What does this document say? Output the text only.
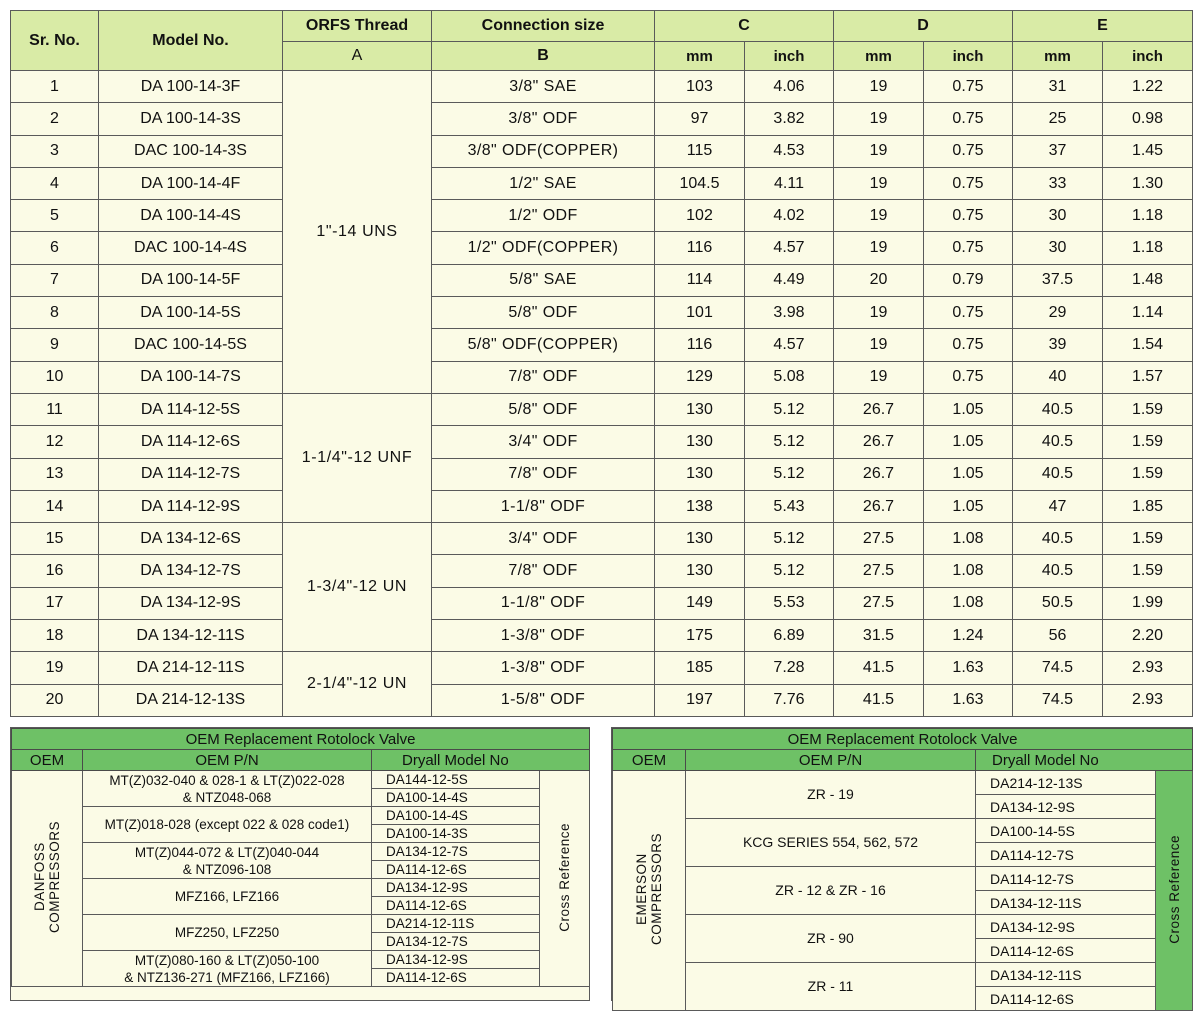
Sr. No.	Model No.	ORFS Thread	Connection size	C		D		E	
		A	B	mm	inch	mm	inch	mm	inch
1	DA 100-14-3F	1"-14 UNS	3/8" SAE	103	4.06	19	0.75	31	1.22
2	DA 100-14-3S		3/8" ODF	97	3.82	19	0.75	25	0.98
3	DAC 100-14-3S		3/8" ODF(COPPER)	115	4.53	19	0.75	37	1.45
4	DA 100-14-4F		1/2" SAE	104.5	4.11	19	0.75	33	1.30
5	DA 100-14-4S		1/2" ODF	102	4.02	19	0.75	30	1.18
6	DAC 100-14-4S		1/2" ODF(COPPER)	116	4.57	19	0.75	30	1.18
7	DA 100-14-5F		5/8" SAE	114	4.49	20	0.79	37.5	1.48
8	DA 100-14-5S		5/8" ODF	101	3.98	19	0.75	29	1.14
9	DAC 100-14-5S		5/8" ODF(COPPER)	116	4.57	19	0.75	39	1.54
10	DA 100-14-7S		7/8" ODF	129	5.08	19	0.75	40	1.57
11	DA 114-12-5S	1-1/4"-12 UNF	5/8" ODF	130	5.12	26.7	1.05	40.5	1.59
12	DA 114-12-6S		3/4" ODF	130	5.12	26.7	1.05	40.5	1.59
13	DA 114-12-7S		7/8" ODF	130	5.12	26.7	1.05	40.5	1.59
14	DA 114-12-9S		1-1/8" ODF	138	5.43	26.7	1.05	47	1.85
15	DA 134-12-6S	1-3/4"-12 UN	3/4" ODF	130	5.12	27.5	1.08	40.5	1.59
16	DA 134-12-7S		7/8" ODF	130	5.12	27.5	1.08	40.5	1.59
17	DA 134-12-9S		1-1/8" ODF	149	5.53	27.5	1.08	50.5	1.99
18	DA 134-12-11S		1-3/8" ODF	175	6.89	31.5	1.24	56	2.20
19	DA 214-12-11S	2-1/4"-12 UN	1-3/8" ODF	185	7.28	41.5	1.63	74.5	2.93
20	DA 214-12-13S		1-5/8" ODF	197	7.76	41.5	1.63	74.5	2.93
OEM Replacement Rotolock Valve			
OEM	OEM P/N	Dryall Model No	
DANFOSS
COMPRESSORS	MT(Z)032-040 & 028-1 & LT(Z)022-028
& NTZ048-068	DA144-12-5S	Cross Reference
		DA100-14-4S	
	MT(Z)018-028 (except 022 & 028 code1)	DA100-14-4S	
		DA100-14-3S	
	MT(Z)044-072 & LT(Z)040-044
& NTZ096-108	DA134-12-7S	
		DA114-12-6S	
	MFZ166, LFZ166	DA134-12-9S	
		DA114-12-6S	
	MFZ250, LFZ250	DA214-12-11S	
		DA134-12-7S	
	MT(Z)080-160 & LT(Z)050-100
& NTZ136-271 (MFZ166, LFZ166)	DA134-12-9S	
		DA114-12-6S	
OEM Replacement Rotolock Valve			
OEM	OEM P/N	Dryall Model No	
EMERSON
COMPRESSORS	ZR - 19	DA214-12-13S	Cross Reference
		DA134-12-9S	
	KCG SERIES 554, 562, 572	DA100-14-5S	
		DA114-12-7S	
	ZR - 12 & ZR - 16	DA114-12-7S	
		DA134-12-11S	
	ZR - 90	DA134-12-9S	
		DA114-12-6S	
	ZR - 11	DA134-12-11S	
		DA114-12-6S	
